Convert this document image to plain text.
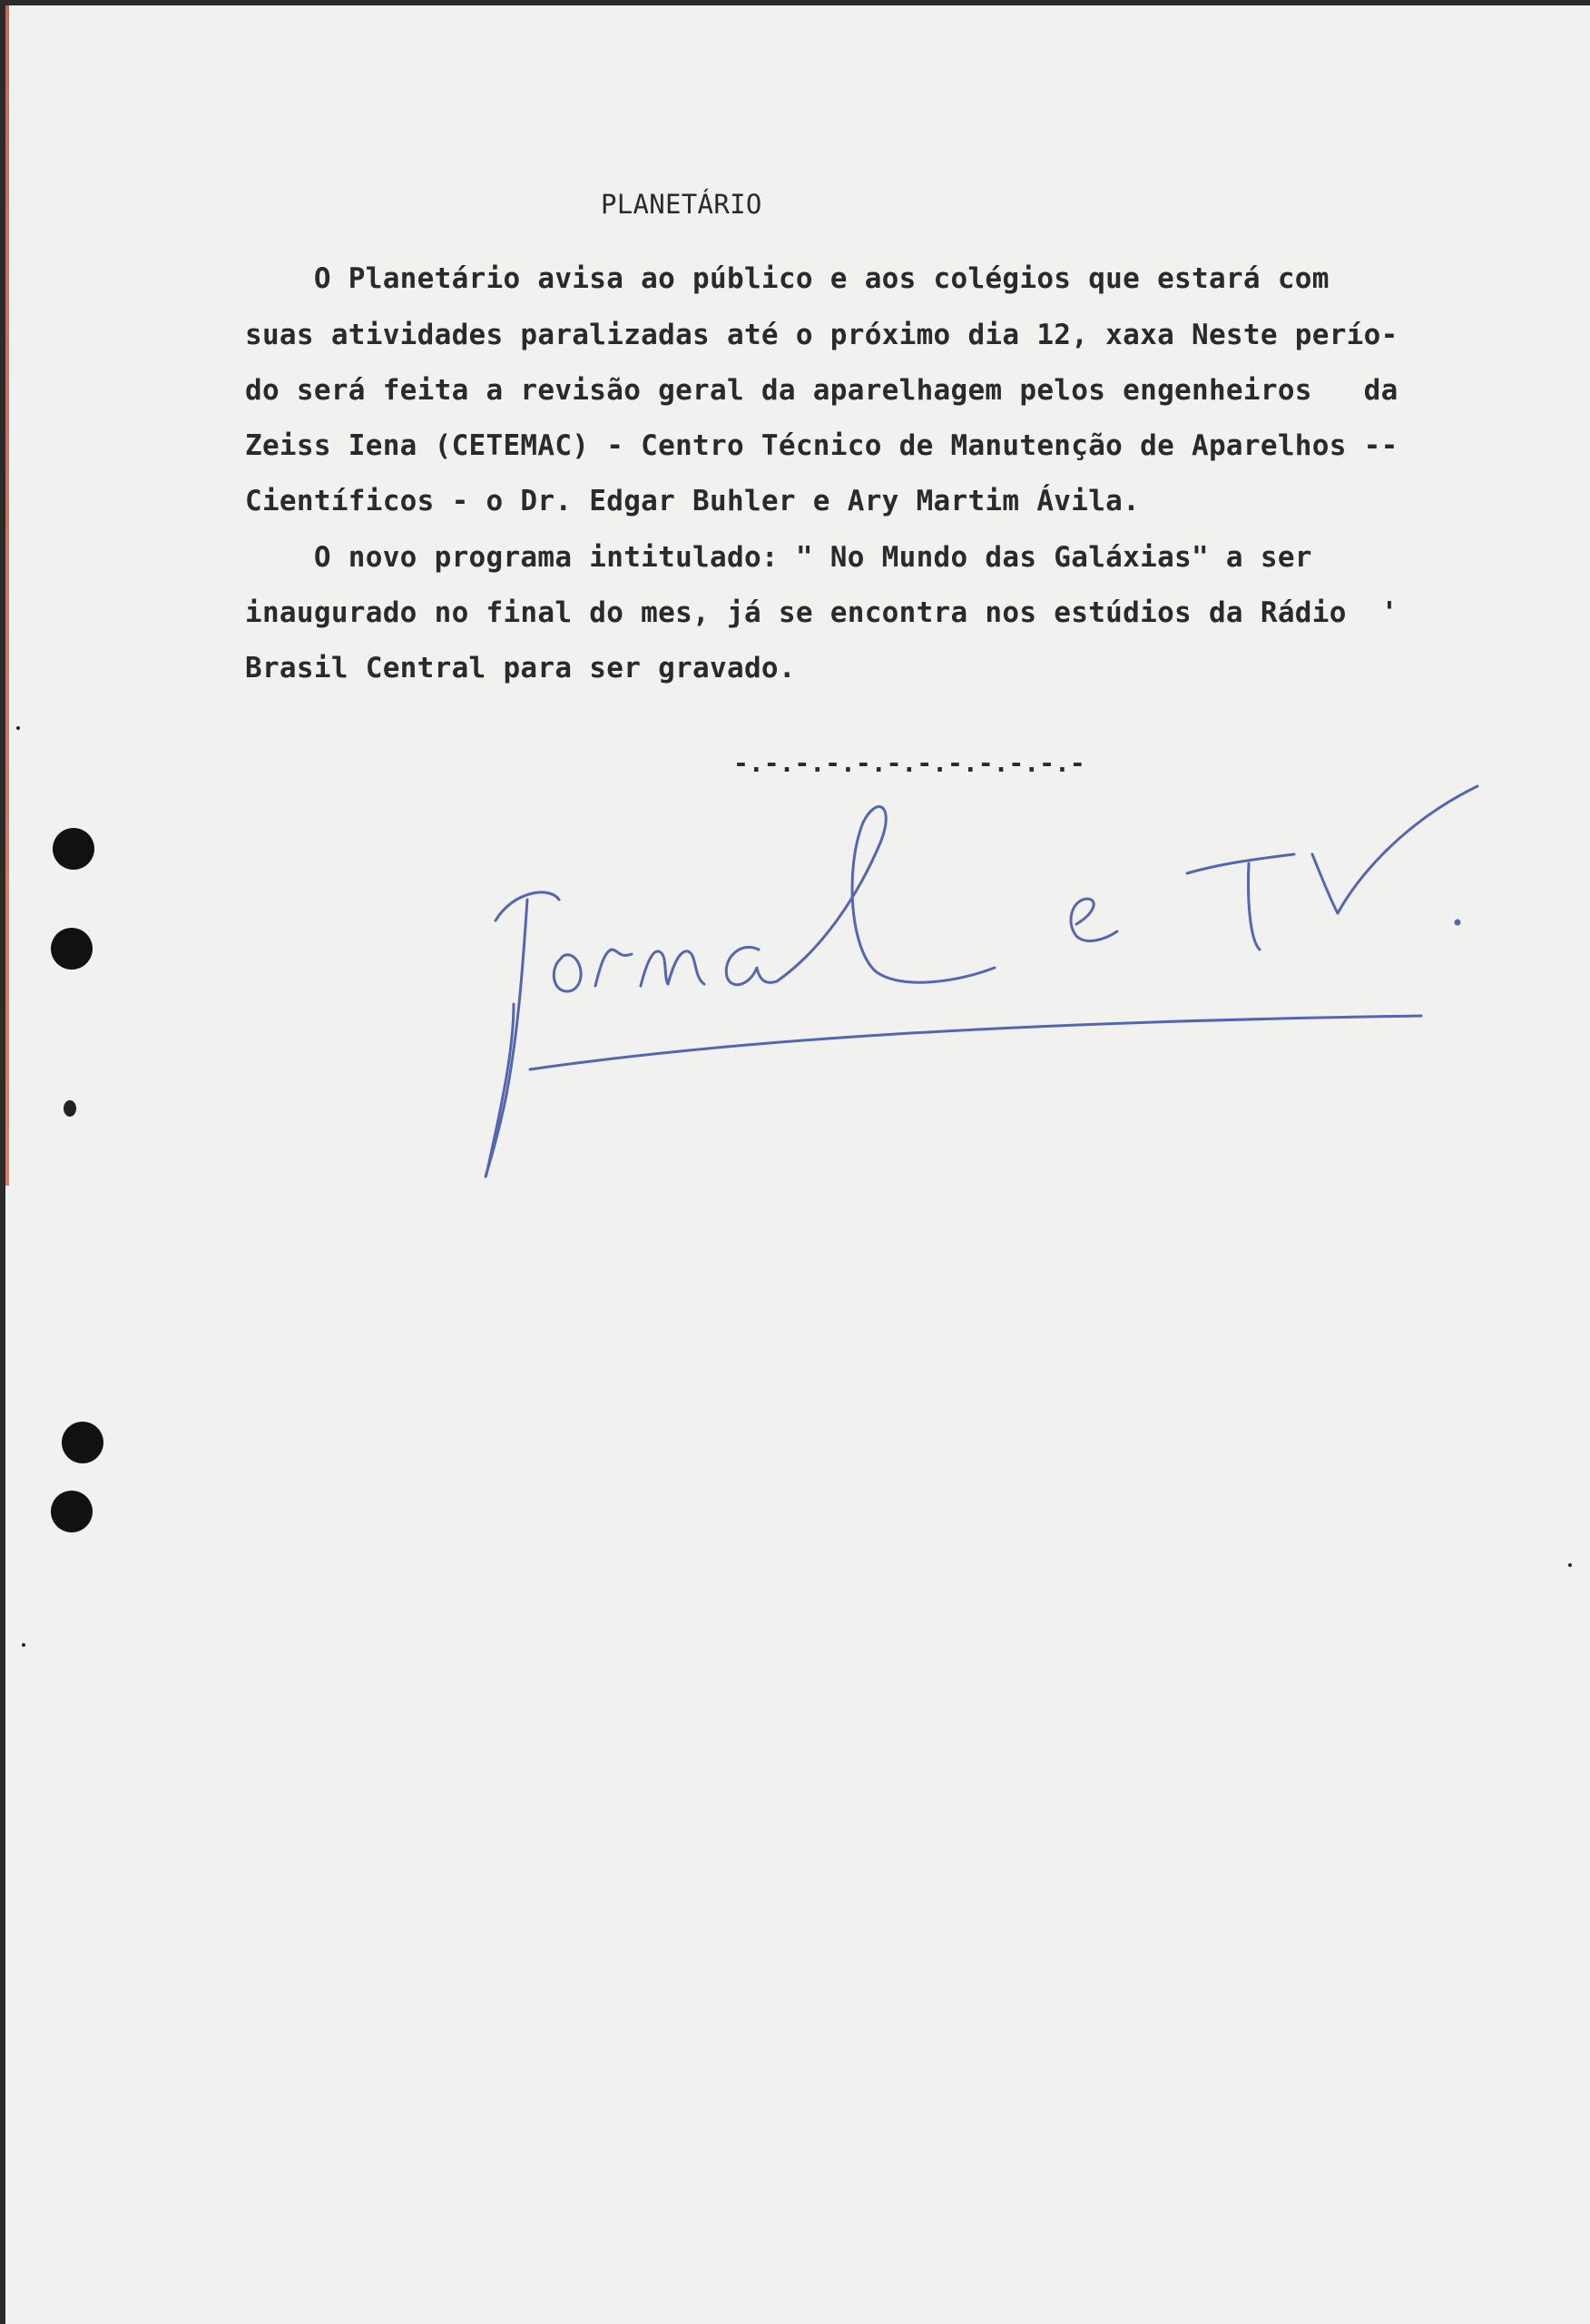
PLANETÁRIO

O Planetário avisa ao público e aos colégios que estará com

suas atividades paralizadas até o próximo dia 12, xaxa Neste perío-

do será feita a revisão geral da aparelhagem pelos engenheiros   da

Zeiss Iena (CETEMAC) - Centro Técnico de Manutenção de Aparelhos --

Científicos - o Dr. Edgar Buhler e Ary Martim Ávila.

O novo programa intitulado: " No Mundo das Galáxias" a ser

inaugurado no final do mes, já se encontra nos estúdios da Rádio  '

Brasil Central para ser gravado.

-.-.-.-.-.-.-.-.-.-.-.-
